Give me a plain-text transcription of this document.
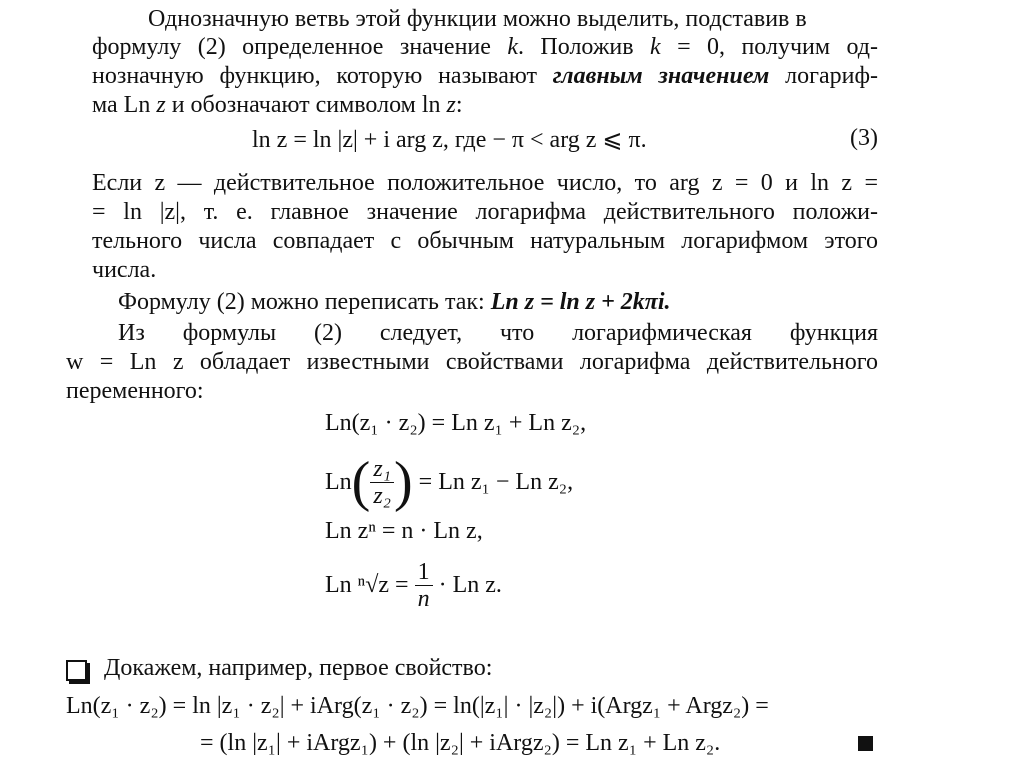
Однозначную ветвь этой функции можно выделить, подставив в
формулу (2) определенное значение k. Положив k = 0, получим од-
нозначную функцию, которую называют главным значением логариф-
ма Ln z и обозначают символом ln z:
ln z = ln |z| + i arg z, где − π < arg z ⩽ π.	(3)
Если z — действительное положительное число, то arg z = 0 и ln z =
= ln |z|, т. е. главное значение логарифма действительного положи-
тельного числа совпадает с обычным натуральным логарифмом этого
числа.
Формулу (2) можно переписать так: Ln z = ln z + 2kπi.
Из формулы (2) следует, что логарифмическая функция
w = Ln z обладает известными свойствами логарифма действительного
переменного:
Ln(z₁ · z₂) = Ln z₁ + Ln z₂,
Ln ( $\frac{\text{z₁}}{\text{z₂}}$ ) = Ln z₁ − Ln z₂,
Ln zⁿ = n · Ln z,
Ln $^n√z = \frac{1}{n} \cdot Ln$ z.
Докажем, например, первое свойство:
Ln(z₁ · z₂) = ln |z₁ · z₂| + iArg(z₁ · z₂) = ln(|z₁| · |z₂|) + i(Argz₁ + Argz₂) =
= (ln |z₁| + iArgz₁) + (ln |z₂| + iArgz₂) = Ln z₁ + Ln z₂.
